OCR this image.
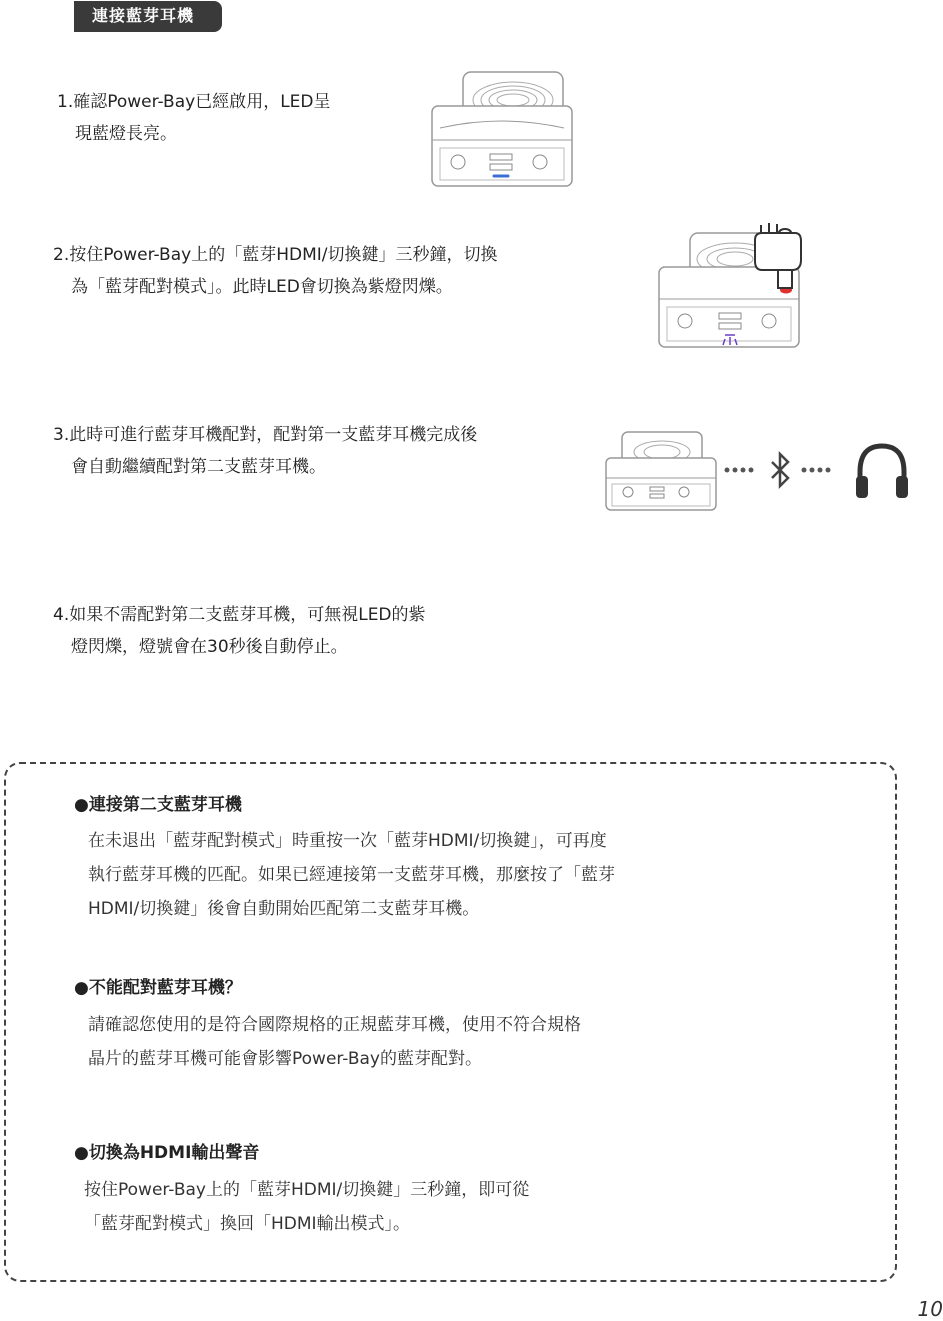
連接藍芽耳機
1.確認Power-Bay已經啟用，LED呈
現藍燈長亮。
2.按住Power-Bay上的「藍芽HDMI/切換鍵」三秒鐘，切換
為「藍芽配對模式」。此時LED會切換為紫燈閃爍。
3.此時可進行藍芽耳機配對，配對第一支藍芽耳機完成後
會自動繼續配對第二支藍芽耳機。
4.如果不需配對第二支藍芽耳機，可無視LED的紫
燈閃爍，燈號會在30秒後自動停止。
●連接第二支藍芽耳機
在未退出「藍芽配對模式」時重按一次「藍芽HDMI/切換鍵」，可再度
執行藍芽耳機的匹配。如果已經連接第一支藍芽耳機，那麼按了「藍芽
HDMI/切換鍵」後會自動開始匹配第二支藍芽耳機。
●不能配對藍芽耳機？
請確認您使用的是符合國際規格的正規藍芽耳機，使用不符合規格
晶片的藍芽耳機可能會影響Power-Bay的藍芽配對。
●切換為HDMI輸出聲音
按住Power-Bay上的「藍芽HDMI/切換鍵」三秒鐘，即可從
「藍芽配對模式」換回「HDMI輸出模式」。
10
